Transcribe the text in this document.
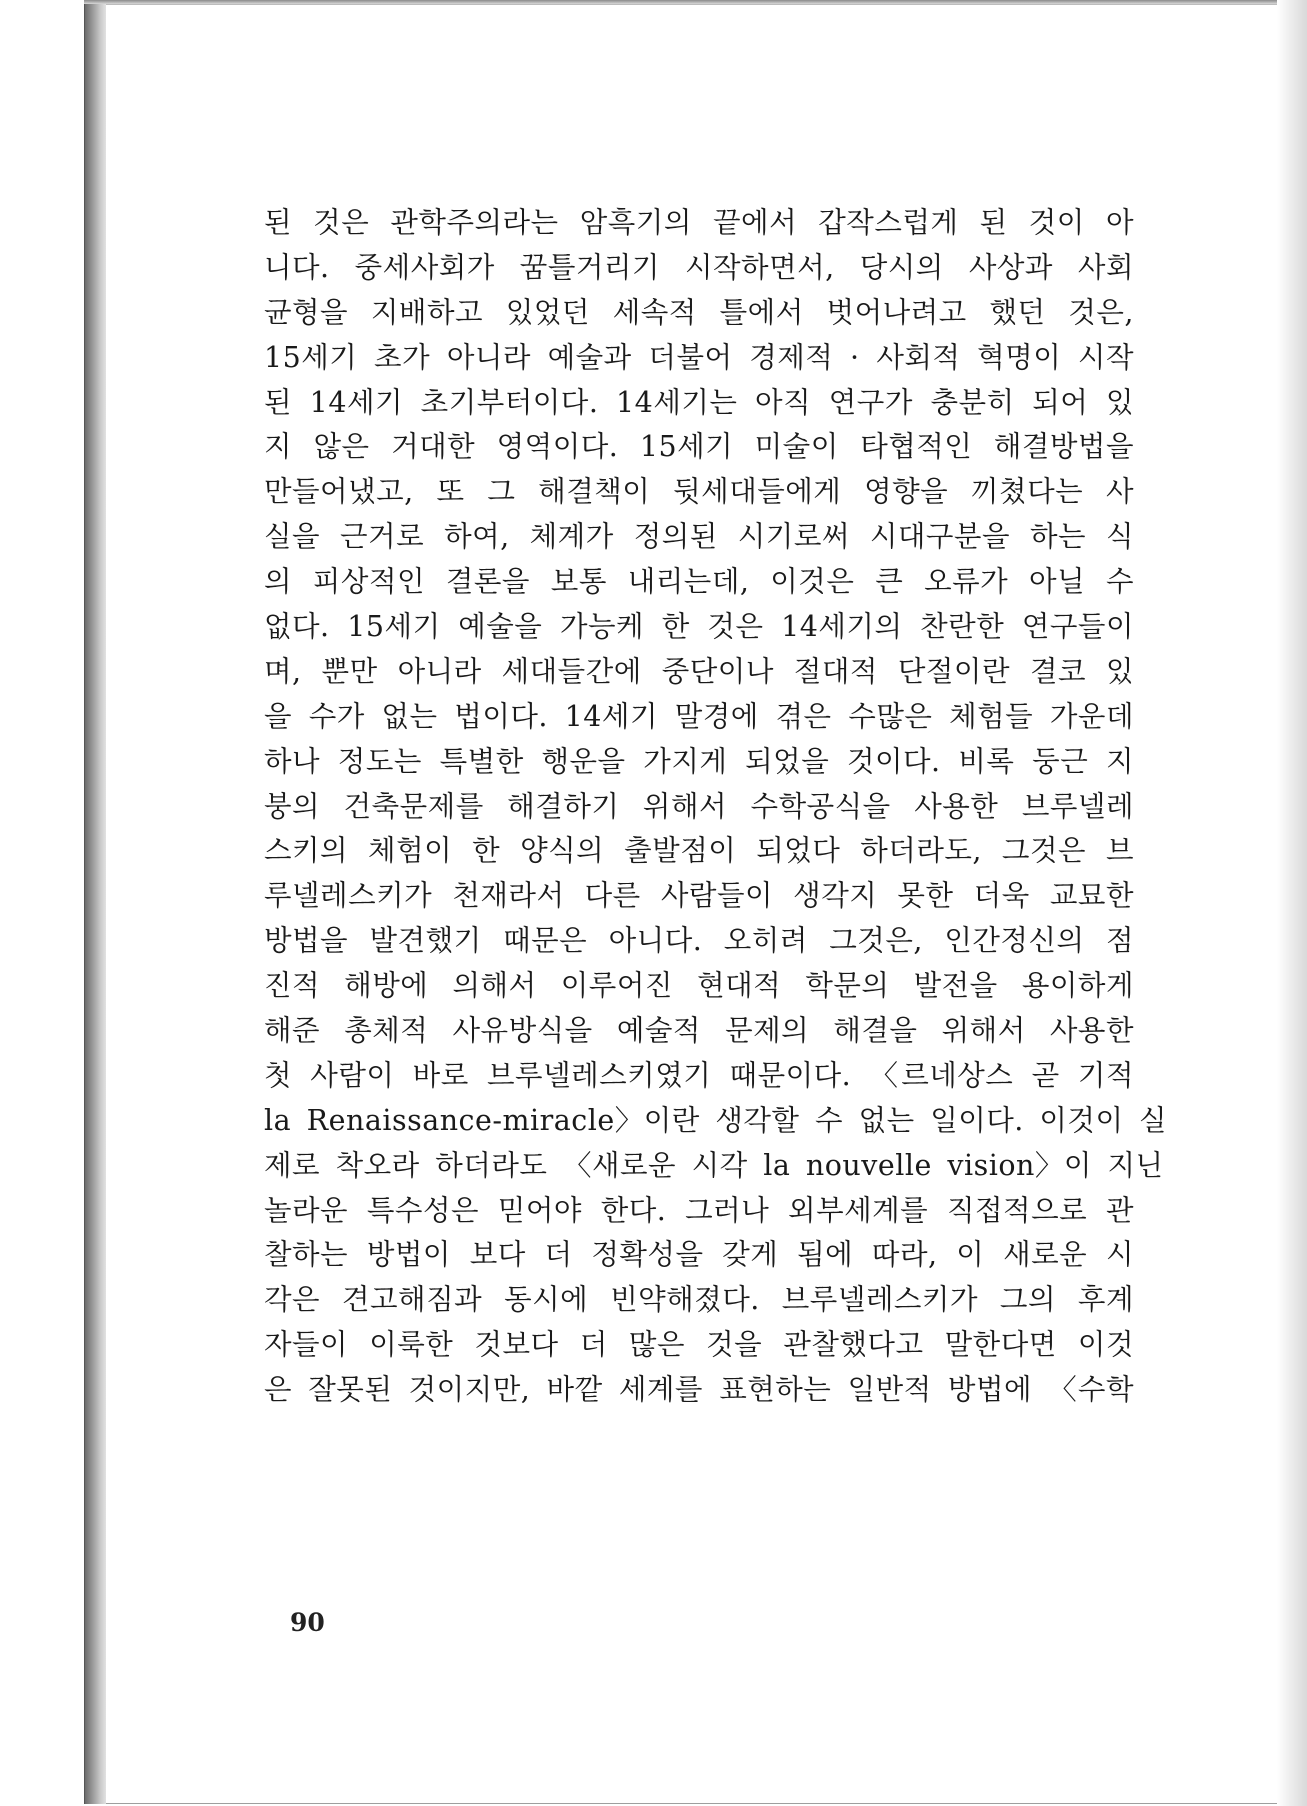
된 것은 관학주의라는 암흑기의 끝에서 갑작스럽게 된 것이 아
니다. 중세사회가 꿈틀거리기 시작하면서, 당시의 사상과 사회
균형을 지배하고 있었던 세속적 틀에서 벗어나려고 했던 것은,
15세기 초가 아니라 예술과 더불어 경제적 · 사회적 혁명이 시작
된 14세기 초기부터이다. 14세기는 아직 연구가 충분히 되어 있
지 않은 거대한 영역이다. 15세기 미술이 타협적인 해결방법을
만들어냈고, 또 그 해결책이 뒷세대들에게 영향을 끼쳤다는 사
실을 근거로 하여, 체계가 정의된 시기로써 시대구분을 하는 식
의 피상적인 결론을 보통 내리는데, 이것은 큰 오류가 아닐 수
없다. 15세기 예술을 가능케 한 것은 14세기의 찬란한 연구들이
며, 뿐만 아니라 세대들간에 중단이나 절대적 단절이란 결코 있
을 수가 없는 법이다. 14세기 말경에 겪은 수많은 체험들 가운데
하나 정도는 특별한 행운을 가지게 되었을 것이다. 비록 둥근 지
붕의 건축문제를 해결하기 위해서 수학공식을 사용한 브루넬레
스키의 체험이 한 양식의 출발점이 되었다 하더라도, 그것은 브
루넬레스키가 천재라서 다른 사람들이 생각지 못한 더욱 교묘한
방법을 발견했기 때문은 아니다. 오히려 그것은, 인간정신의 점
진적 해방에 의해서 이루어진 현대적 학문의 발전을 용이하게
해준 총체적 사유방식을 예술적 문제의 해결을 위해서 사용한
첫 사람이 바로 브루넬레스키였기 때문이다. 〈르네상스 곧 기적
la Renaissance-miracle〉이란 생각할 수 없는 일이다. 이것이 실
제로 착오라 하더라도 〈새로운 시각 la nouvelle vision〉이 지닌
놀라운 특수성은 믿어야 한다. 그러나 외부세계를 직접적으로 관
찰하는 방법이 보다 더 정확성을 갖게 됨에 따라, 이 새로운 시
각은 견고해짐과 동시에 빈약해졌다. 브루넬레스키가 그의 후계
자들이 이룩한 것보다 더 많은 것을 관찰했다고 말한다면 이것
은 잘못된 것이지만, 바깥 세계를 표현하는 일반적 방법에 〈수학
90
